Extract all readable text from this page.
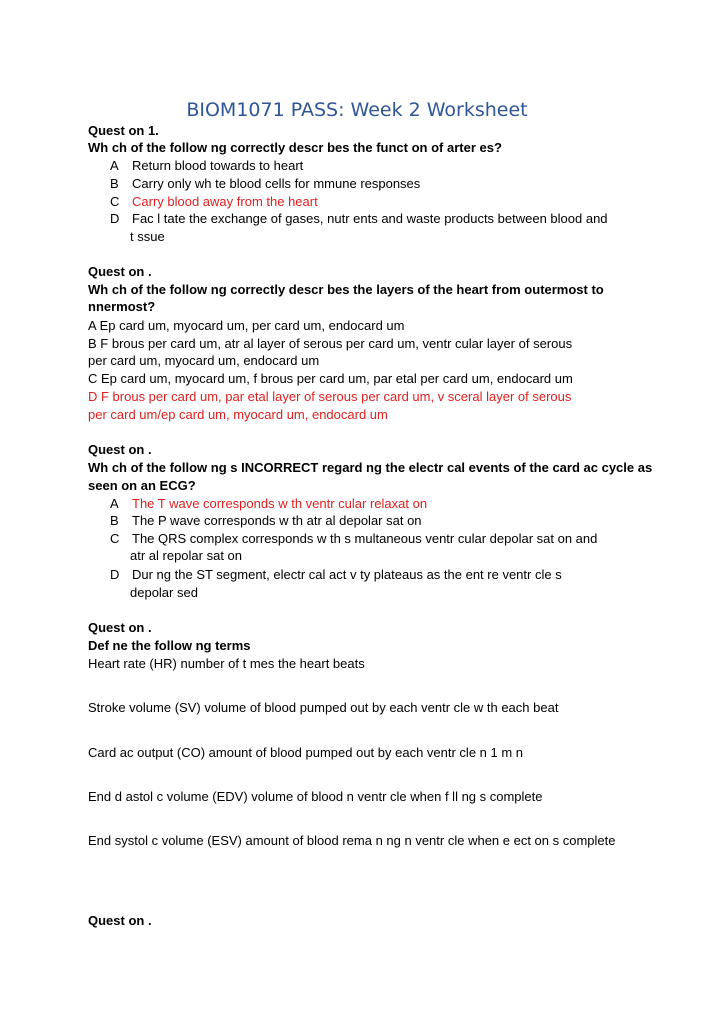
BIOM1071 PASS: Week 2 Worksheet
Quest on 1.
Wh ch of the follow ng correctly descr bes the funct on of arter es?
A Return blood towards to heart
B Carry only wh te blood cells for mmune responses
C Carry blood away from the heart
D Fac l tate the exchange of gases, nutr ents and waste products between blood and
t ssue
Quest on .
Wh ch of the follow ng correctly descr bes the layers of the heart from outermost to
nnermost?
A Ep card um, myocard um, per card um, endocard um
B F brous per card um, atr al layer of serous per card um, ventr cular layer of serous
per card um, myocard um, endocard um
C Ep card um, myocard um, f brous per card um, par etal per card um, endocard um
D F brous per card um, par etal layer of serous per card um, v sceral layer of serous
per card um/ep card um, myocard um, endocard um
Quest on .
Wh ch of the follow ng s INCORRECT regard ng the electr cal events of the card ac cycle as
seen on an ECG?
A The T wave corresponds w th ventr cular relaxat on
B The P wave corresponds w th atr al depolar sat on
C The QRS complex corresponds w th s multaneous ventr cular depolar sat on and
atr al repolar sat on
D Dur ng the ST segment, electr cal act v ty plateaus as the ent re ventr cle s
depolar sed
Quest on .
Def ne the follow ng terms
Heart rate (HR) number of t mes the heart beats
Stroke volume (SV) volume of blood pumped out by each ventr cle w th each beat
Card ac output (CO) amount of blood pumped out by each ventr cle n 1 m n
End d astol c volume (EDV) volume of blood n ventr cle when f ll ng s complete
End systol c volume (ESV) amount of blood rema n ng n ventr cle when e ect on s complete
Quest on .
